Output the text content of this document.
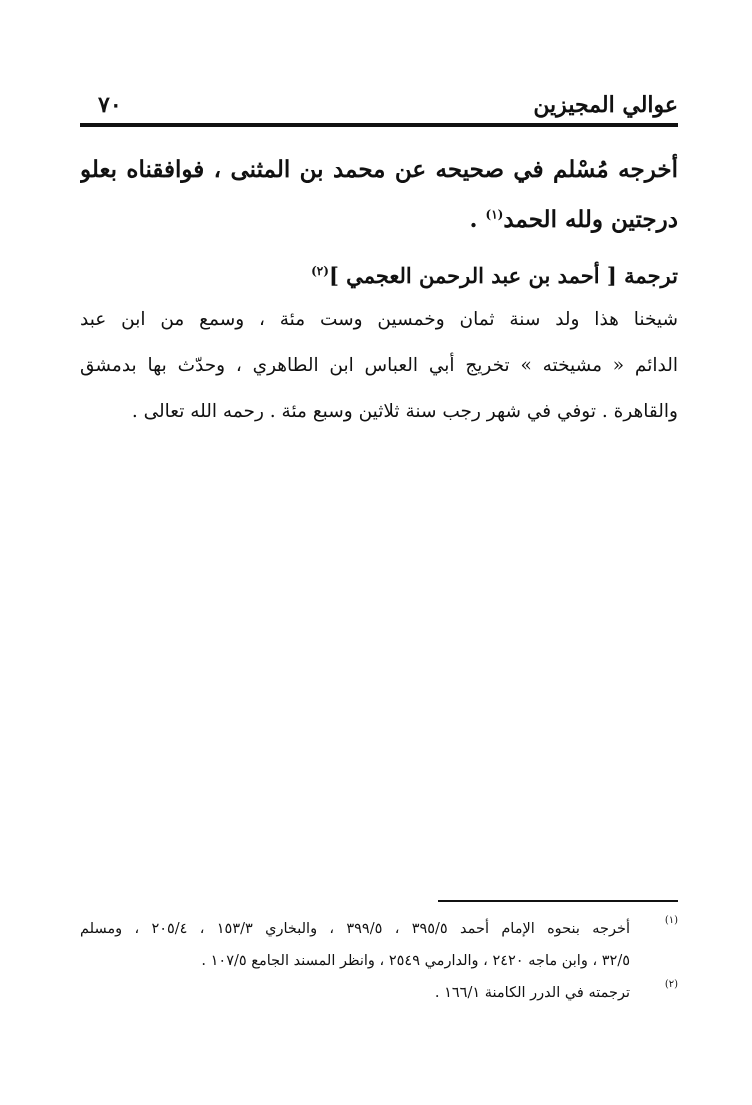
عوالي المجيزين
٧٠
أخرجه مُسْلم في صحيحه عن محمد بن المثنى ، فوافقناه بعلو
درجتين ولله الحمد$^{(١)}$ .
ترجمة [ أحمد بن عبد الرحمن العجمي ]$^{(٢)}$
شيخنا هذا ولد سنة ثمان وخمسين وست مئة ، وسمع من ابن عبد
الدائم « مشيخته » تخريج أبي العباس ابن الطاهري ، وحدّث بها بدمشق
والقاهرة . توفي في شهر رجب سنة ثلاثين وسبع مئة . رحمه الله تعالى .
(١)
أخرجه بنحوه الإمام أحمد ٣٩٥/٥ ، ٣٩٩/٥ ، والبخاري ١٥٣/٣ ، ٢٠٥/٤ ، ومسلم
٣٢/٥ ، وابن ماجه ٢٤٢٠ ، والدارمي ٢٥٤٩ ، وانظر المسند الجامع ١٠٧/٥ .
(٢)
ترجمته في الدرر الكامنة ١٦٦/١ .
